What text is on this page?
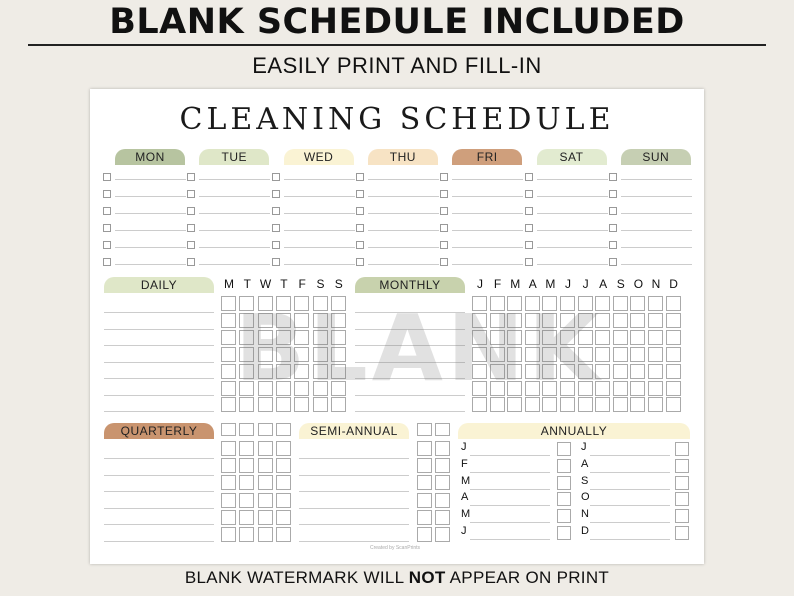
BLANK SCHEDULE INCLUDED
EASILY PRINT AND FILL-IN
CLEANING SCHEDULE
MON	TUE	WED	THU	FRI	SAT	SUN
DAILY	M T W T F S S	MONTHLY	J F M A M J J A S O N D
QUARTERLY	SEMI-ANNUAL	ANNUALLY
J
F
M
A
M
J
J
A
S
O
N
D
BLANK
Created by ScanPrints
BLANK WATERMARK WILL NOT APPEAR ON PRINT
